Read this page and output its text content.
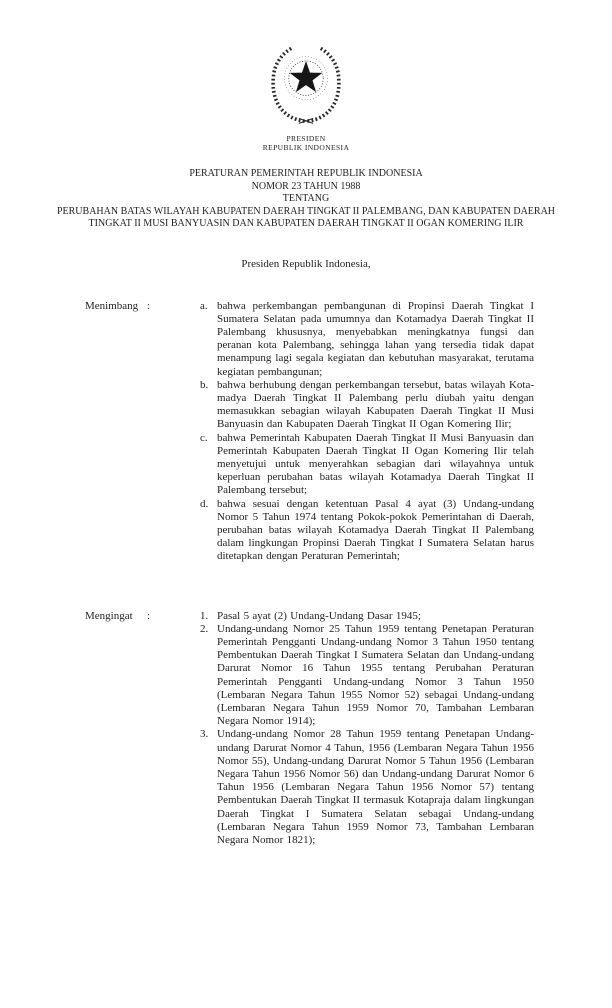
PRESIDEN
REPUBLIK INDONESIA
PERATURAN PEMERINTAH REPUBLIK INDONESIA
NOMOR 23 TAHUN 1988
TENTANG
PERUBAHAN BATAS WILAYAH KABUPATEN DAERAH TINGKAT II PALEMBANG, DAN KABUPATEN DAERAH TINGKAT II MUSI BANYUASIN DAN KABUPATEN DAERAH TINGKAT II OGAN KOMERING ILIR
Presiden Republik Indonesia,
Menimbang :	a. bahwa perkembangan pembangunan di Propinsi Daerah Tingkat I Sumatera Selatan pada umumnya dan Kotamadya Daerah Tingkat II Palembang khususnya, menyebabkan meningkatnya fungsi dan peranan kota Palembang, sehingga lahan yang tersedia tidak dapat menampung lagi segala kegiatan dan kebutuhan masyarakat, terutama kegiatan pembangunan;
b. bahwa berhubung dengan perkembangan tersebut, batas wilayah Kota- madya Daerah Tingkat II Palembang perlu diubah yaitu dengan memasukkan sebagian wilayah Kabupaten Daerah Tingkat II Musi Banyuasin dan Kabupaten Daerah Tingkat II Ogan Komering Ilir;
c. bahwa Pemerintah Kabupaten Daerah Tingkat II Musi Banyuasin dan Pemerintah Kabupaten Daerah Tingkat II Ogan Komering Ilir telah menyetujui untuk menyerahkan sebagian dari wilayahnya untuk keperluan perubahan batas wilayah Kotamadya Daerah Tingkat II Palembang tersebut;
d. bahwa sesuai dengan ketentuan Pasal 4 ayat (3) Undang-undang Nomor 5 Tahun 1974 tentang Pokok-pokok Pemerintahan di Daerah, perubahan batas wilayah Kotamadya Daerah Tingkat II Palembang dalam lingkungan Propinsi Daerah Tingkat I Sumatera Selatan harus ditetapkan dengan Peraturan Pemerintah;
Mengingat	:	1. Pasal 5 ayat (2) Undang-Undang Dasar 1945;
2. Undang-undang Nomor 25 Tahun 1959 tentang Penetapan Peraturan Pemerintah Pengganti Undang-undang Nomor 3 Tahun 1950 tentang Pembentukan Daerah Tingkat I Sumatera Selatan dan Undang-undang Darurat Nomor 16 Tahun 1955 tentang Perubahan Peraturan Pemerintah Pengganti Undang-undang Nomor 3 Tahun 1950 (Lembaran Negara Tahun 1955 Nomor 52) sebagai Undang-undang (Lembaran Negara Tahun 1959 Nomor 70, Tambahan Lembaran Negara Nomor 1914);
3. Undang-undang Nomor 28 Tahun 1959 tentang Penetapan Undang-undang Darurat Nomor 4 Tahun, 1956 (Lembaran Negara Tahun 1956 Nomor 55), Undang-undang Darurat Nomor 5 Tahun 1956 (Lembaran Negara Tahun 1956 Nomor 56) dan Undang-undang Darurat Nomor 6 Tahun 1956 (Lembaran Negara Tahun 1956 Nomor 57) tentang Pembentukan Daerah Tingkat II termasuk Kotapraja dalam lingkungan Daerah Tingkat I Sumatera Selatan sebagai Undang-undang (Lembaran Negara Tahun 1959 Nomor 73, Tambahan Lembaran Negara Nomor 1821);
